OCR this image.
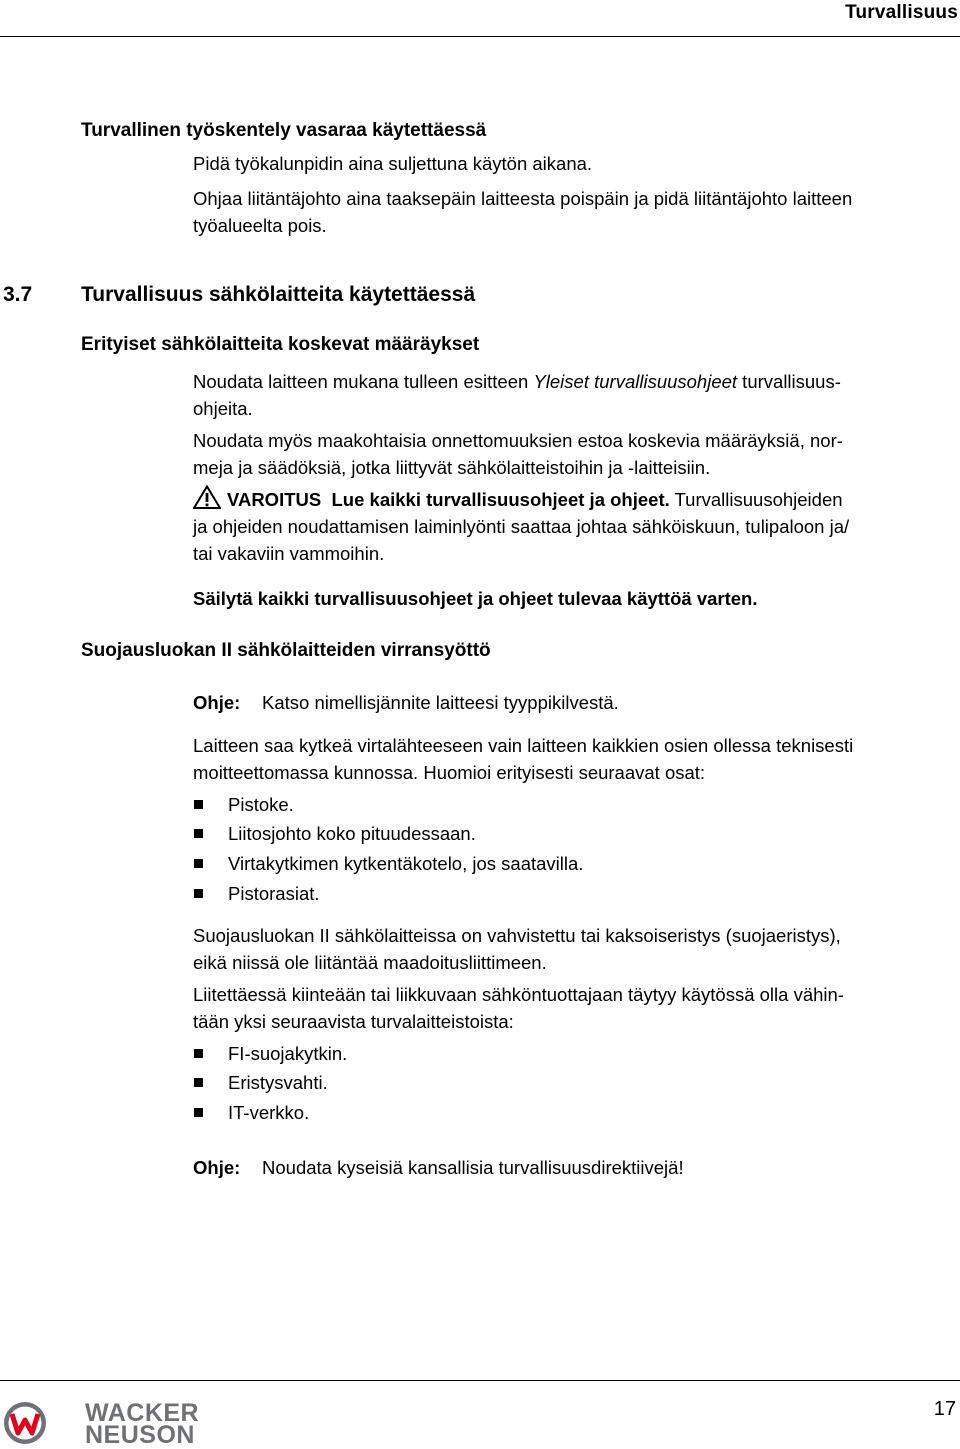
Turvallisuus
Turvallinen työskentely vasaraa käytettäessä
Pidä työkalunpidin aina suljettuna käytön aikana.
Ohjaa liitäntäjohto aina taaksepäin laitteesta poispäin ja pidä liitäntäjohto laitteen
työalueelta pois.
3.7 Turvallisuus sähkölaitteita käytettäessä
Erityiset sähkölaitteita koskevat määräykset
Noudata laitteen mukana tulleen esitteen Yleiset turvallisuusohjeet turvallisuus-
ohjeita.
Noudata myös maakohtaisia onnettomuuksien estoa koskevia määräyksiä, nor-
meja ja säädöksiä, jotka liittyvät sähkölaitteistoihin ja -laitteisiin.
VAROITUS Lue kaikki turvallisuusohjeet ja ohjeet. Turvallisuusohjeiden
ja ohjeiden noudattamisen laiminlyönti saattaa johtaa sähköiskuun, tulipaloon ja/
tai vakaviin vammoihin.
Säilytä kaikki turvallisuusohjeet ja ohjeet tulevaa käyttöä varten.
Suojausluokan II sähkölaitteiden virransyöttö
Ohje: Katso nimellisjännite laitteesi tyyppikilvestä.
Laitteen saa kytkeä virtalähteeseen vain laitteen kaikkien osien ollessa teknisesti
moitteettomassa kunnossa. Huomioi erityisesti seuraavat osat:
Pistoke.
Liitosjohto koko pituudessaan.
Virtakytkimen kytkentäkotelo, jos saatavilla.
Pistorasiat.
Suojausluokan II sähkölaitteissa on vahvistettu tai kaksoiseristys (suojaeristys),
eikä niissä ole liitäntää maadoitusliittimeen.
Liitettäessä kiinteään tai liikkuvaan sähköntuottajaan täytyy käytössä olla vähin-
tään yksi seuraavista turvalaitteistoista:
FI-suojakytkin.
Eristysvahti.
IT-verkko.
Ohje: Noudata kyseisiä kansallisia turvallisuusdirektiivejä!
WACKER
NEUSON
17
